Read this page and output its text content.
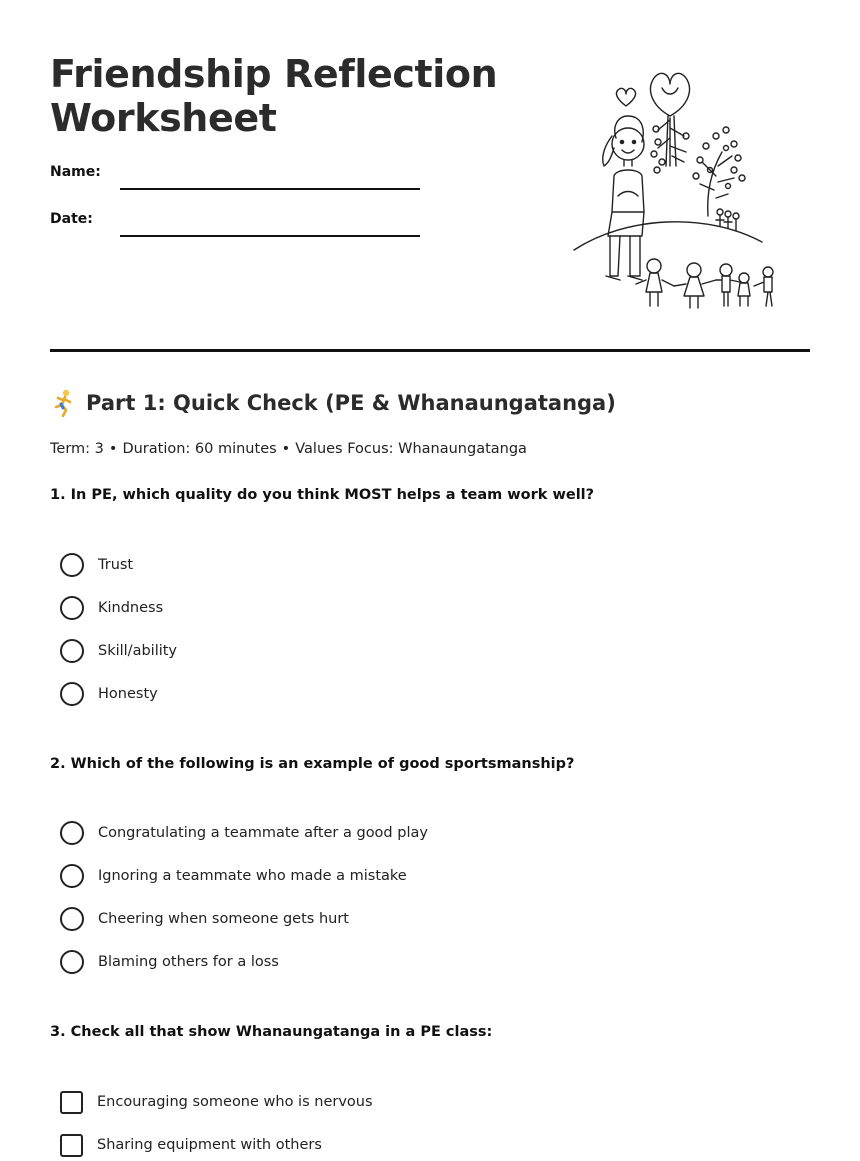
Friendship Reflection Worksheet
Name:
Date:
Part 1: Quick Check (PE & Whanaungatanga)
Term: 3 • Duration: 60 minutes • Values Focus: Whanaungatanga

1. In PE, which quality do you think MOST helps a team work well?

Trust
Kindness
Skill/ability
Honesty

2. Which of the following is an example of good sportsmanship?

Congratulating a teammate after a good play
Ignoring a teammate who made a mistake
Cheering when someone gets hurt
Blaming others for a loss

3. Check all that show Whanaungatanga in a PE class:

Encouraging someone who is nervous
Sharing equipment with others
